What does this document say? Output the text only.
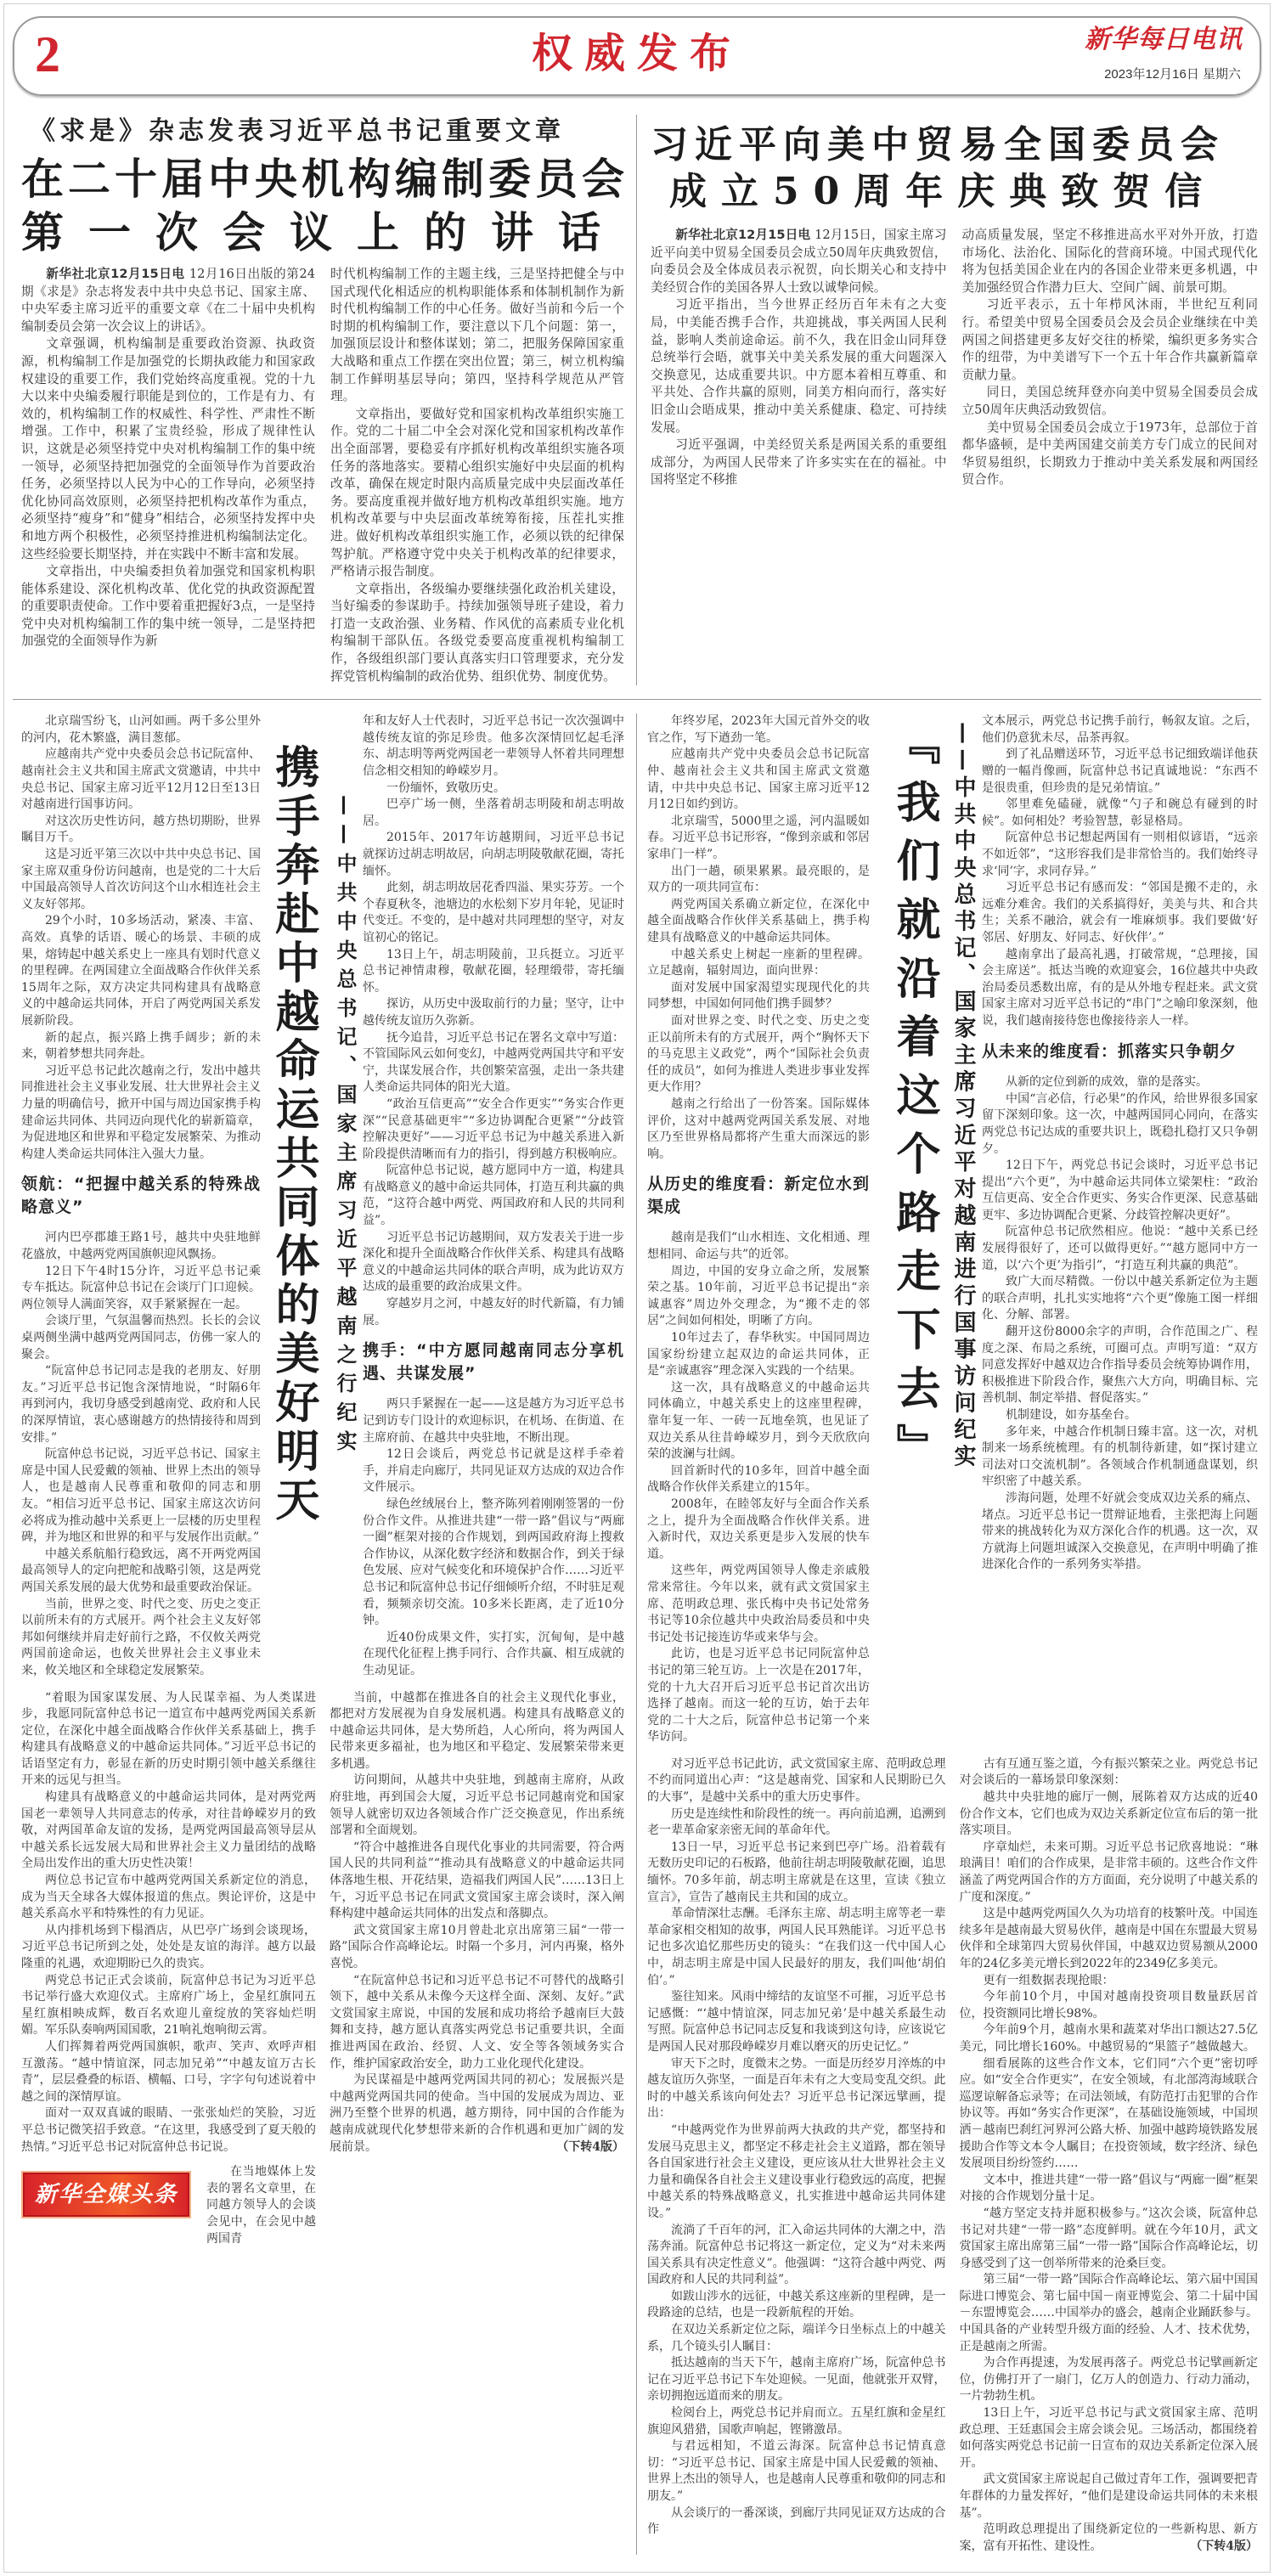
2	权威发布	新华每日电讯
2023年12月16日 星期六
《求是》杂志发表习近平总书记重要文章
在二十届中央机构编制委员会
第一次会议上的讲话

新华社北京12月15日电 12月16日出版的第24期《求是》杂志将发表中共中央总书记、国家主席、中央军委主席习近平的重要文章《在二十届中央机构编制委员会第一次会议上的讲话》。

文章强调，机构编制是重要政治资源、执政资源，机构编制工作是加强党的长期执政能力和国家政权建设的重要工作，我们党始终高度重视。党的十九大以来中央编委履行职能是到位的，工作是有力、有效的，机构编制工作的权威性、科学性、严肃性不断增强。工作中，积累了宝贵经验，形成了规律性认识，这就是必须坚持党中央对机构编制工作的集中统一领导，必须坚持把加强党的全面领导作为首要政治任务，必须坚持以人民为中心的工作导向，必须坚持优化协同高效原则，必须坚持把机构改革作为重点，必须坚持“瘦身”和“健身”相结合，必须坚持发挥中央和地方两个积极性，必须坚持推进机构编制法定化。这些经验要长期坚持，并在实践中不断丰富和发展。

文章指出，中央编委担负着加强党和国家机构职能体系建设、深化机构改革、优化党的执政资源配置的重要职责使命。工作中要着重把握好3点，一是坚持党中央对机构编制工作的集中统一领导，二是坚持把加强党的全面领导作为新

时代机构编制工作的主题主线，三是坚持把健全与中国式现代化相适应的机构职能体系和体制机制作为新时代机构编制工作的中心任务。做好当前和今后一个时期的机构编制工作，要注意以下几个问题：第一，加强顶层设计和整体谋划；第二，把服务保障国家重大战略和重点工作摆在突出位置；第三，树立机构编制工作鲜明基层导向；第四，坚持科学规范从严管理。

文章指出，要做好党和国家机构改革组织实施工作。党的二十届二中全会对深化党和国家机构改革作出全面部署，要稳妥有序抓好机构改革组织实施各项任务的落地落实。要精心组织实施好中央层面的机构改革，确保在规定时限内高质量完成中央层面改革任务。要高度重视并做好地方机构改革组织实施。地方机构改革要与中央层面改革统筹衔接，压茬扎实推进。做好机构改革组织实施工作，必须以铁的纪律保驾护航。严格遵守党中央关于机构改革的纪律要求，严格请示报告制度。

文章指出，各级编办要继续强化政治机关建设，当好编委的参谋助手。持续加强领导班子建设，着力打造一支政治强、业务精、作风优的高素质专业化机构编制干部队伍。各级党委要高度重视机构编制工作，各级组织部门要认真落实归口管理要求，充分发挥党管机构编制的政治优势、组织优势、制度优势。

习近平向美中贸易全国委员会
成立50周年庆典致贺信

新华社北京12月15日电 12月15日，国家主席习近平向美中贸易全国委员会成立50周年庆典致贺信，向委员会及全体成员表示祝贺，向长期关心和支持中美经贸合作的美国各界人士致以诚挚问候。

习近平指出，当今世界正经历百年未有之大变局，中美能否携手合作，共迎挑战，事关两国人民利益，影响人类前途命运。前不久，我在旧金山同拜登总统举行会晤，就事关中美关系发展的重大问题深入交换意见，达成重要共识。中方愿本着相互尊重、和平共处、合作共赢的原则，同美方相向而行，落实好旧金山会晤成果，推动中美关系健康、稳定、可持续发展。

习近平强调，中美经贸关系是两国关系的重要组成部分，为两国人民带来了许多实实在在的福祉。中国将坚定不移推

动高质量发展，坚定不移推进高水平对外开放，打造市场化、法治化、国际化的营商环境。中国式现代化将为包括美国企业在内的各国企业带来更多机遇，中美加强经贸合作潜力巨大、空间广阔、前景可期。

习近平表示，五十年栉风沐雨，半世纪互利同行。希望美中贸易全国委员会及会员企业继续在中美两国之间搭建更多友好交往的桥梁，编织更多务实合作的纽带，为中美谱写下一个五十年合作共赢新篇章贡献力量。

同日，美国总统拜登亦向美中贸易全国委员会成立50周年庆典活动致贺信。

美中贸易全国委员会成立于1973年，总部位于首都华盛顿，是中美两国建交前美方专门成立的民间对华贸易组织，长期致力于推动中美关系发展和两国经贸合作。

北京瑞雪纷飞，山河如画。两千多公里外的河内，花木繁盛，满目葱郁。

应越南共产党中央委员会总书记阮富仲、越南社会主义共和国主席武文赏邀请，中共中央总书记、国家主席习近平12月12日至13日对越南进行国事访问。

对这次历史性访问，越方热切期盼，世界瞩目万千。

这是习近平第三次以中共中央总书记、国家主席双重身份访问越南，也是党的二十大后中国最高领导人首次访问这个山水相连社会主义友好邻邦。

29个小时，10多场活动，紧凑、丰富、高效。真挚的话语、暖心的场景、丰硕的成果，熔铸起中越关系史上一座具有划时代意义的里程碑。在两国建立全面战略合作伙伴关系15周年之际，双方决定共同构建具有战略意义的中越命运共同体，开启了两党两国关系发展新阶段。

新的起点，振兴路上携手阔步；新的未来，朝着梦想共同奔赴。

习近平总书记此次越南之行，发出中越共同推进社会主义事业发展、壮大世界社会主义力量的明确信号，掀开中国与周边国家携手构建命运共同体、共同迈向现代化的崭新篇章，为促进地区和世界和平稳定发展繁荣、为推动构建人类命运共同体注入强大力量。

领航：“把握中越关系的特殊战略意义”

河内巴亭郡雄王路1号，越共中央驻地鲜花盛放，中越两党两国旗帜迎风飘扬。

12日下午4时15分许，习近平总书记乘专车抵达。阮富仲总书记在会谈厅门口迎候。两位领导人满面笑容，双手紧紧握在一起。

会谈厅里，气氛温馨而热烈。长长的会议桌两侧坐满中越两党两国同志，仿佛一家人的聚会。

“阮富仲总书记同志是我的老朋友、好朋友。”习近平总书记饱含深情地说，“时隔6年再到河内，我切身感受到越南党、政府和人民的深厚情谊，衷心感谢越方的热情接待和周到安排。”

阮富仲总书记说，习近平总书记、国家主席是中国人民爱戴的领袖、世界上杰出的领导人，也是越南人民尊重和敬仰的同志和朋友。“相信习近平总书记、国家主席这次访问必将成为推动越中关系更上一层楼的历史里程碑，并为地区和世界的和平与发展作出贡献。”

中越关系航船行稳致远，离不开两党两国最高领导人的定向把舵和战略引领，这是两党两国关系发展的最大优势和最重要政治保证。

当前，世界之变、时代之变、历史之变正以前所未有的方式展开。两个社会主义友好邻邦如何继续并肩走好前行之路，不仅攸关两党两国前途命运，也攸关世界社会主义事业未来，攸关地区和全球稳定发展繁荣。

携手奔赴中越命运共同体的美好明天 ——中共中央总书记、国家主席习近平越南之行纪实

年和友好人士代表时，习近平总书记一次次强调中越传统友谊的弥足珍贵。他多次深情回忆起毛泽东、胡志明等两党两国老一辈领导人怀着共同理想信念相交相知的峥嵘岁月。

一份缅怀，致敬历史。

巴亭广场一侧，坐落着胡志明陵和胡志明故居。

2015年、2017年访越期间，习近平总书记就探访过胡志明故居，向胡志明陵敬献花圈，寄托缅怀。

此刻，胡志明故居花香四溢、果实芬芳。一个个春夏秋冬，池塘边的水松刻下岁月年轮，见证时代变迁。不变的，是中越对共同理想的坚守，对友谊初心的铭记。

13日上午，胡志明陵前，卫兵挺立。习近平总书记神情肃穆，敬献花圈，轻理缎带，寄托缅怀。

探访，从历史中汲取前行的力量；坚守，让中越传统友谊历久弥新。

抚今追昔，习近平总书记在署名文章中写道：不管国际风云如何变幻，中越两党两国共守和平安宁，共谋发展合作，共创繁荣富强，走出一条共建人类命运共同体的阳光大道。

“政治互信更高”“安全合作更实”“务实合作更深”“民意基础更牢”“多边协调配合更紧”“分歧管控解决更好”——习近平总书记为中越关系进入新阶段提供清晰而有力的指引，得到越方积极响应。

阮富仲总书记说，越方愿同中方一道，构建具有战略意义的越中命运共同体，打造互利共赢的典范，“这符合越中两党、两国政府和人民的共同利益”。

习近平总书记访越期间，双方发表关于进一步深化和提升全面战略合作伙伴关系、构建具有战略意义的中越命运共同体的联合声明，成为此访双方达成的最重要的政治成果文件。

穿越岁月之河，中越友好的时代新篇，有力铺展。

携手：“中方愿同越南同志分享机遇、共谋发展”

两只手紧握在一起——这是越方为习近平总书记到访专门设计的欢迎标识，在机场、在街道、在主席府前、在越共中央驻地，不断出现。

12日会谈后，两党总书记就是这样手牵着手，并肩走向廊厅，共同见证双方达成的双边合作文件展示。

绿色丝绒展台上，整齐陈列着刚刚签署的一份份合作文件。从推进共建“一带一路”倡议与“两廊一圈”框架对接的合作规划，到两国政府海上搜救合作协议，从深化数字经济和数据合作，到关于绿色发展、应对气候变化和环境保护合作……习近平总书记和阮富仲总书记仔细倾听介绍，不时驻足观看，频频亲切交流。10多米长距离，走了近10分钟。

近40份成果文件，实打实，沉甸甸，是中越在现代化征程上携手同行、合作共赢、相互成就的生动见证。

“着眼为国家谋发展、为人民谋幸福、为人类谋进步，我愿同阮富仲总书记一道宣布中越两党两国关系新定位，在深化中越全面战略合作伙伴关系基础上，携手构建具有战略意义的中越命运共同体。”习近平总书记的话语坚定有力，彰显在新的历史时期引领中越关系继往开来的远见与担当。

构建具有战略意义的中越命运共同体，是对两党两国老一辈领导人共同意志的传承，对往昔峥嵘岁月的致敬，对两国革命友谊的发扬，是两党两国最高领导层从中越关系长远发展大局和世界社会主义力量团结的战略全局出发作出的重大历史性决策！

两位总书记宣布中越两党两国关系新定位的消息，成为当天全球各大媒体报道的焦点。舆论评价，这是中越关系高水平和特殊性的有力见证。

从内排机场到下榻酒店，从巴亭广场到会谈现场，习近平总书记所到之处，处处是友谊的海洋。越方以最隆重的礼遇，欢迎期盼已久的贵宾。

两党总书记正式会谈前，阮富仲总书记为习近平总书记举行盛大欢迎仪式。主席府广场上，金星红旗同五星红旗相映成辉，数百名欢迎儿童绽放的笑容灿烂明媚。军乐队奏响两国国歌，21响礼炮响彻云霄。

人们挥舞着两党两国旗帜，歌声、笑声、欢呼声相互激荡。“越中情谊深，同志加兄弟”“中越友谊万古长青”，层层叠叠的标语、横幅、口号，字字句句述说着中越之间的深情厚谊。

面对一双双真诚的眼睛、一张张灿烂的笑脸，习近平总书记微笑招手致意。“在这里，我感受到了夏天般的热情。”习近平总书记对阮富仲总书记说。

新华全媒头条

在当地媒体上发表的署名文章里，在同越方领导人的会谈会见中，在会见中越两国青

当前，中越都在推进各自的社会主义现代化事业，都把对方发展视为自身发展机遇。构建具有战略意义的中越命运共同体，是大势所趋，人心所向，将为两国人民带来更多福祉，也为地区和平稳定、发展繁荣带来更多机遇。

访问期间，从越共中央驻地，到越南主席府，从政府驻地，再到国会大厦，习近平总书记同越南党和国家领导人就密切双边各领域合作广泛交换意见，作出系统部署和全面规划。

“符合中越推进各自现代化事业的共同需要，符合两国人民的共同利益”“推动具有战略意义的中越命运共同体落地生根、开花结果，造福我们两国人民”……13日上午，习近平总书记在同武文赏国家主席会谈时，深入阐释构建中越命运共同体的出发点和落脚点。

武文赏国家主席10月曾赴北京出席第三届“一带一路”国际合作高峰论坛。时隔一个多月，河内再聚，格外喜悦。

“在阮富仲总书记和习近平总书记不可替代的战略引领下，越中关系从未像今天这样全面、深刻、友好。”武文赏国家主席说，中国的发展和成功将给予越南巨大鼓舞和支持，越方愿认真落实两党总书记重要共识，全面推进两国在政治、经贸、人文、安全等各领域务实合作，维护国家政治安全，助力工业化现代化建设。

为民谋福是中越两党两国共同的初心；发展振兴是中越两党两国共同的使命。当中国的发展成为周边、亚洲乃至整个世界的机遇，越方期待，同中国的合作能为越南成就现代化梦想带来新的合作机遇和更加广阔的发展前景。	（下转4版）

年终岁尾，2023年大国元首外交的收官之作，写下遒劲一笔。

应越南共产党中央委员会总书记阮富仲、越南社会主义共和国主席武文赏邀请，中共中央总书记、国家主席习近平12月12日如约到访。

北京瑞雪，5000里之遥，河内温暖如春。习近平总书记形容，“像到亲戚和邻居家串门一样”。

出门一趟，硕果累累。最亮眼的，是双方的一项共同宣布：

两党两国关系确立新定位，在深化中越全面战略合作伙伴关系基础上，携手构建具有战略意义的中越命运共同体。

中越关系史上树起一座新的里程碑。立足越南，辐射周边，面向世界：

面对发展中国家渴望实现现代化的共同梦想，中国如何同他们携手圆梦？

面对世界之变、时代之变、历史之变正以前所未有的方式展开，两个“胸怀天下的马克思主义政党”，两个“国际社会负责任的成员”，如何为推进人类进步事业发挥更大作用？

越南之行给出了一份答案。国际媒体评价，这对中越两党两国关系发展、对地区乃至世界格局都将产生重大而深远的影响。

从历史的维度看：新定位水到渠成

越南是我们“山水相连、文化相通、理想相同、命运与共”的近邻。

周边，中国的安身立命之所，发展繁荣之基。10年前，习近平总书记提出“亲诚惠容”周边外交理念，为“搬不走的邻居”之间如何相处，明晰了方向。

10年过去了，春华秋实。中国同周边国家纷纷建立起双边的命运共同体，正是“亲诚惠容”理念深入实践的一个结果。

这一次，具有战略意义的中越命运共同体确立，中越关系史上的这座里程碑，靠年复一年、一砖一瓦地垒筑，也见证了双边关系从往昔峥嵘岁月，到今天欣欣向荣的波澜与壮阔。

回首新时代的10多年，回首中越全面战略合作伙伴关系建立的15年。

2008年，在睦邻友好与全面合作关系之上，提升为全面战略合作伙伴关系。进入新时代，双边关系更是步入发展的快车道。

这些年，两党两国领导人像走亲戚般常来常往。今年以来，就有武文赏国家主席、范明政总理、张氏梅中央书记处常务书记等10余位越共中央政治局委员和中央书记处书记接连访华或来华与会。

此访，也是习近平总书记同阮富仲总书记的第三轮互访。上一次是在2017年，党的十九大召开后习近平总书记首次出访选择了越南。而这一轮的互访，始于去年党的二十大之后，阮富仲总书记第一个来华访问。

『我们就沿着这个路走下去』 ——中共中央总书记、国家主席习近平对越南进行国事访问纪实

文本展示，两党总书记携手前行，畅叙友谊。之后，他们仍意犹未尽，品茶再叙。

到了礼品赠送环节，习近平总书记细致端详他获赠的一幅肖像画，阮富仲总书记真诚地说：“东西不是很贵重，但珍贵的是兄弟情谊。”

邻里难免磕碰，就像“勺子和碗总有碰到的时候”。如何相处？考验智慧，彰显格局。

阮富仲总书记想起两国有一则相似谚语，“远亲不如近邻”，“这形容我们是非常恰当的。我们始终寻求‘同’字，求同存异。”

习近平总书记有感而发：“邻国是搬不走的，永远难分难舍。我们的关系搞得好，美美与共、和合共生；关系不融洽，就会有一堆麻烦事。我们要做‘好邻居、好朋友、好同志、好伙伴’。”

越南拿出了最高礼遇，打破常规，“总理接，国会主席送”。抵达当晚的欢迎宴会，16位越共中央政治局委员悉数出席，有的是从外地专程赶来。武文赏国家主席对习近平总书记的“串门”之喻印象深刻，他说，我们越南接待您也像接待亲人一样。

从未来的维度看：抓落实只争朝夕

从新的定位到新的成效，靠的是落实。

中国“言必信，行必果”的作风，给世界很多国家留下深刻印象。这一次，中越两国同心同向，在落实两党总书记达成的重要共识上，既稳扎稳打又只争朝夕。

12日下午，两党总书记会谈时，习近平总书记提出“六个更”，为中越命运共同体立梁架柱：“政治互信更高、安全合作更实、务实合作更深、民意基础更牢、多边协调配合更紧、分歧管控解决更好”。

阮富仲总书记欣然相应。他说：“越中关系已经发展得很好了，还可以做得更好。”“越方愿同中方一道，以‘六个更’为指引”，“打造互利共赢的典范”。

致广大而尽精微。一份以中越关系新定位为主题的联合声明，扎扎实实地将“六个更”像施工图一样细化、分解、部署。

翻开这份8000余字的声明，合作范围之广、程度之深、布局之系统，可圈可点。声明写道：“双方同意发挥好中越双边合作指导委员会统筹协调作用，积极推进下阶段合作，聚焦六大方向，明确目标、完善机制、制定举措、督促落实。”

机制建设，如夯基垒台。

多年来，中越合作机制日臻丰富。这一次，对机制来一场系统梳理。有的机制待新建，如“探讨建立司法对口交流机制”。各领域合作机制通盘谋划，织牢织密了中越关系。

涉海问题，处理不好就会变成双边关系的痛点、堵点。习近平总书记一贯辩证地看，主张把海上问题带来的挑战转化为双方深化合作的机遇。这一次，双方就海上问题坦诚深入交换意见，在声明中明确了推进深化合作的一系列务实举措。

对习近平总书记此访，武文赏国家主席、范明政总理不约而同道出心声：“这是越南党、国家和人民期盼已久的大事”，是越中关系中的重大历史事件。

历史是连续性和阶段性的统一。再向前追溯，追溯到老一辈革命家亲密无间的革命年代。

13日一早，习近平总书记来到巴亭广场。沿着载有无数历史印记的石板路，他前往胡志明陵敬献花圈，追思缅怀。70多年前，胡志明主席就是在这里，宣读《独立宣言》，宣告了越南民主共和国的成立。

革命情深壮志酬。毛泽东主席、胡志明主席等老一辈革命家相交相知的故事，两国人民耳熟能详。习近平总书记也多次追忆那些历史的镜头：“在我们这一代中国人心中，胡志明主席是中国人民最好的朋友，我们叫他‘胡伯伯’。”

鉴往知来。风雨中缔结的友谊坚不可摧，习近平总书记感慨：“‘越中情谊深，同志加兄弟’是中越关系最生动写照。阮富仲总书记同志反复和我谈到这句诗，应该说它是两国人民对那段峥嵘岁月难以磨灭的历史记忆。”

审天下之时，度微末之势。一面是历经岁月淬炼的中越友谊历久弥坚，一面是百年未有之大变局变乱交织。此时的中越关系该向何处去？习近平总书记深远擘画，提出：

“中越两党作为世界前两大执政的共产党，都坚持和发展马克思主义，都坚定不移走社会主义道路，都在领导各自国家进行社会主义建设，更应该从壮大世界社会主义力量和确保各自社会主义建设事业行稳致远的高度，把握中越关系的特殊战略意义，扎实推进中越命运共同体建设。”

流淌了千百年的河，汇入命运共同体的大潮之中，浩荡奔涌。阮富仲总书记将这一新定位，定义为“对未来两国关系具有决定性意义”。他强调：“这符合越中两党、两国政府和人民的共同利益”。

如跋山涉水的远征，中越关系这座新的里程碑，是一段路途的总结，也是一段新航程的开始。

在双边关系新定位之际，端详今日坐标点上的中越关系，几个镜头引人瞩目：

抵达越南的当天下午，越南主席府广场，阮富仲总书记在习近平总书记下车处迎候。一见面，他就张开双臂，亲切拥抱远道而来的朋友。

检阅台上，两党总书记并肩而立。五星红旗和金星红旗迎风猎猎，国歌声响起，铿锵激昂。

与君远相知，不道云海深。阮富仲总书记情真意切：“习近平总书记、国家主席是中国人民爱戴的领袖、世界上杰出的领导人，也是越南人民尊重和敬仰的同志和朋友。”

从会谈厅的一番深谈，到廊厅共同见证双方达成的合作

古有互通互鉴之道，今有振兴繁荣之业。两党总书记对会谈后的一幕场景印象深刻：

越共中央驻地的廊厅一侧，展陈着双方达成的近40份合作文本，它们也成为双边关系新定位宣布后的第一批落实项目。

序章灿烂，未来可期。习近平总书记欣喜地说：“琳琅满目！咱们的合作成果，是非常丰硕的。这些合作文件涵盖了两党两国合作的方方面面，充分说明了中越关系的广度和深度。”

这是中越两党两国久久为功培育的枝繁叶茂。中国连续多年是越南最大贸易伙伴，越南是中国在东盟最大贸易伙伴和全球第四大贸易伙伴国，中越双边贸易额从2000年的24亿多美元增长到2022年的2349亿多美元。

更有一组数据表现抢眼：

今年前10个月，中国对越南投资项目数量跃居首位，投资额同比增长98%。

今年前9个月，越南水果和蔬菜对华出口额达27.5亿美元，同比增长160%。中越贸易的“果篮子”越做越大。

细看展陈的这些合作文本，它们同“六个更”密切呼应。如“安全合作更实”，在安全领域，有北部湾海域联合巡逻谅解备忘录等；在司法领域，有防范打击犯罪的合作协议等。再如“务实合作更深”，在基础设施领域，中国坝洒－越南巴刹红河界河公路大桥、加强中越跨境铁路发展援助合作等文本令人瞩目；在投资领域，数字经济、绿色发展项目纷纷签约……

文本中，推进共建“一带一路”倡议与“两廊一圈”框架对接的合作规划分量十足。

“越方坚定支持并愿积极参与。”这次会谈，阮富仲总书记对共建“一带一路”态度鲜明。就在今年10月，武文赏国家主席出席第三届“一带一路”国际合作高峰论坛，切身感受到了这一创举所带来的沧桑巨变。

第三届“一带一路”国际合作高峰论坛、第六届中国国际进口博览会、第七届中国－南亚博览会、第二十届中国－东盟博览会……中国举办的盛会，越南企业踊跃参与。中国具备的产业转型升级方面的经验、人才、技术优势，正是越南之所需。

为合作再提速，为发展再落子。两党总书记擘画新定位，仿佛打开了一扇门，亿万人的创造力、行动力涌动，一片勃勃生机。

13日上午，习近平总书记与武文赏国家主席、范明政总理、王廷惠国会主席会谈会见。三场活动，都围绕着如何落实两党总书记前一日宣布的双边关系新定位深入展开。

武文赏国家主席说起自己做过青年工作，强调要把青年群体的力量发挥好，“他们是建设命运共同体的未来根基”。

范明政总理提出了围绕新定位的一些新构思、新方案，富有开拓性、建设性。	（下转4版）
